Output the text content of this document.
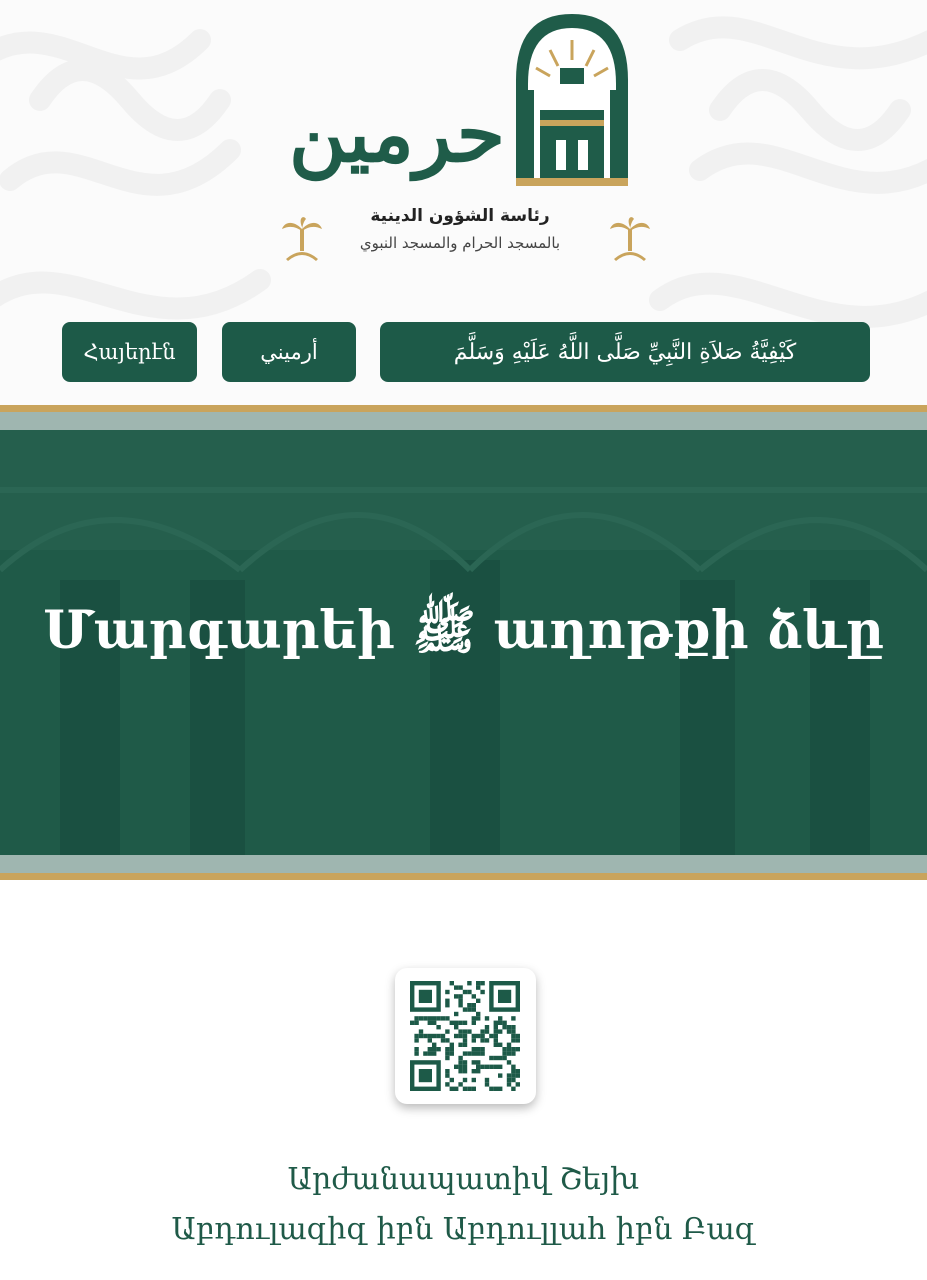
حرمين
رئاسة الشؤون الدينية
بالمسجد الحرام والمسجد النبوي
كَيْفِيَّةُ صَلاَةِ النَّبِيِّ صَلَّى اللَّهُ عَلَيْهِ وَسَلَّمَ
أرميني
Հայերէն
Մարգարեի ﷺ աղոթքի ձևը
Արժանապատիվ Շեյխ
Աբդուլազիզ իբն Աբդուլլահ իբն Բազ
